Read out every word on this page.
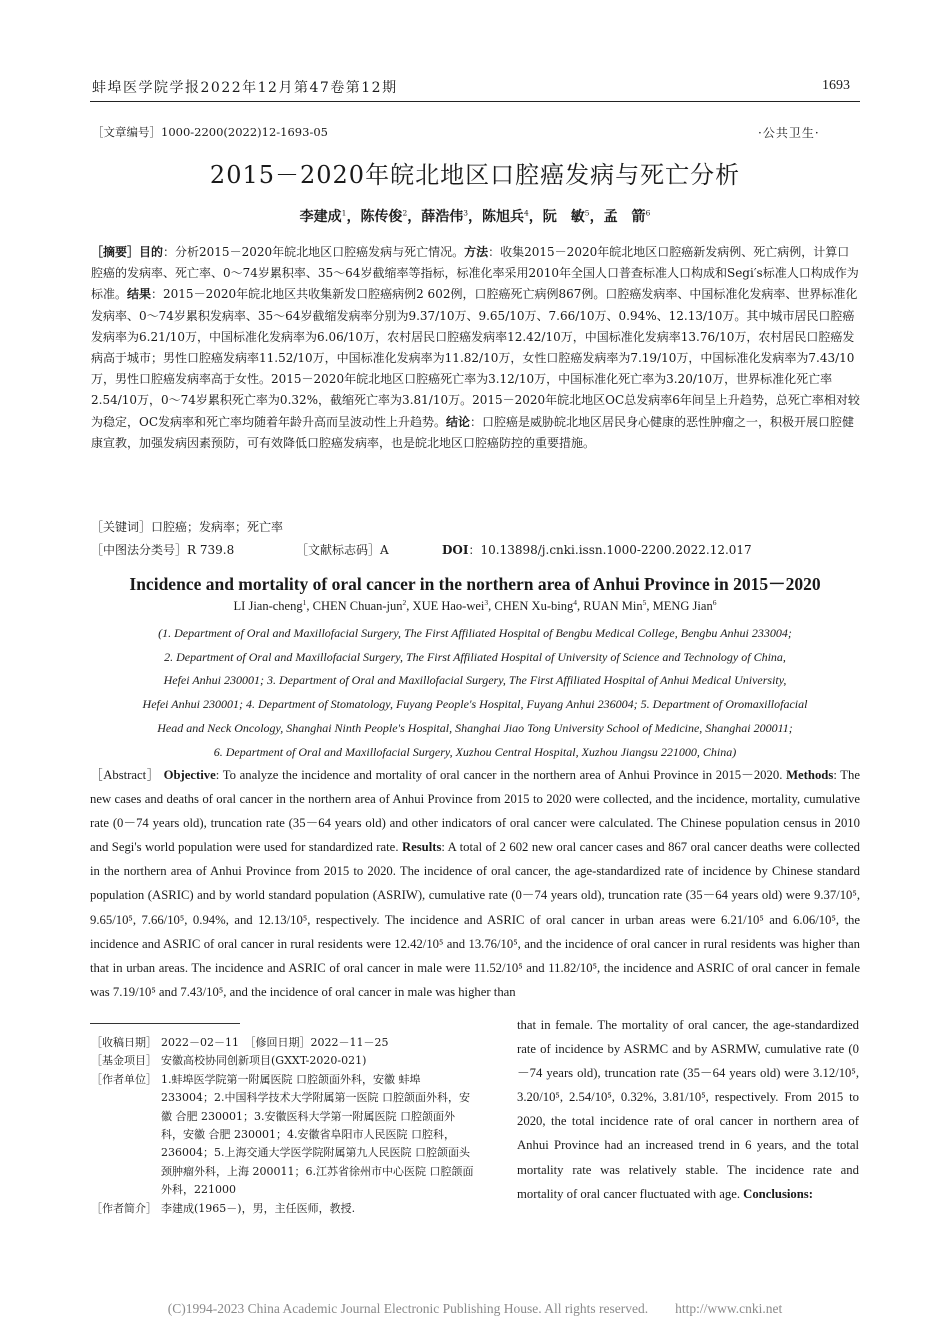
蚌埠医学院学报2022年12月第47卷第12期	1693
［文章编号］1000-2200(2022)12-1693-05	·公共卫生·
2015－2020年皖北地区口腔癌发病与死亡分析
李建成$^1$，陈传俊$^2$，薛浩伟$^3$，陈旭兵$^4$，阮　敏$^5$，孟　箭$^6$
［摘要］目的：分析2015－2020年皖北地区口腔癌发病与死亡情况。方法：收集2015－2020年皖北地区口腔癌新发病例、死亡病例，计算口腔癌的发病率、死亡率、0～74岁累积率、35～64岁截缩率等指标，标准化率采用2010年全国人口普查标准人口构成和Segi′s标准人口构成作为标准。结果：2015－2020年皖北地区共收集新发口腔癌病例2 602例，口腔癌死亡病例867例。口腔癌发病率、中国标准化发病率、世界标准化发病率、0～74岁累积发病率、35～64岁截缩发病率分别为9.37/10万、9.65/10万、7.66/10万、0.94%、12.13/10万。其中城市居民口腔癌发病率为6.21/10万，中国标准化发病率为6.06/10万，农村居民口腔癌发病率12.42/10万，中国标准化发病率13.76/10万，农村居民口腔癌发病高于城市；男性口腔癌发病率11.52/10万，中国标准化发病率为11.82/10万，女性口腔癌发病率为7.19/10万，中国标准化发病率为7.43/10万，男性口腔癌发病率高于女性。2015－2020年皖北地区口腔癌死亡率为3.12/10万，中国标准化死亡率为3.20/10万，世界标准化死亡率2.54/10万，0～74岁累积死亡率为0.32%，截缩死亡率为3.81/10万。2015－2020年皖北地区OC总发病率6年间呈上升趋势，总死亡率相对较为稳定，OC发病率和死亡率均随着年龄升高而呈波动性上升趋势。结论：口腔癌是威胁皖北地区居民身心健康的恶性肿瘤之一，积极开展口腔健康宣教，加强发病因素预防，可有效降低口腔癌发病率，也是皖北地区口腔癌防控的重要措施。
［关键词］口腔癌；发病率；死亡率
［中图法分类号］R 739.8	［文献标志码］A	DOI：10.13898/j.cnki.issn.1000-2200.2022.12.017
Incidence and mortality of oral cancer in the northern area of Anhui Province in 2015－2020
LI Jian-cheng$^1$, CHEN Chuan-jun$^2$, XUE Hao-wei$^3$, CHEN Xu-bing$^4$, RUAN Min$^5$, MENG Jian$^6$
(1. Department of Oral and Maxillofacial Surgery, The First Affiliated Hospital of Bengbu Medical College, Bengbu Anhui 233004;
2. Department of Oral and Maxillofacial Surgery, The First Affiliated Hospital of University of Science and Technology of China,
Hefei Anhui 230001; 3. Department of Oral and Maxillofacial Surgery, The First Affiliated Hospital of Anhui Medical University,
Hefei Anhui 230001; 4. Department of Stomatology, Fuyang People's Hospital, Fuyang Anhui 236004; 5. Department of Oromaxillofacial
Head and Neck Oncology, Shanghai Ninth People's Hospital, Shanghai Jiao Tong University School of Medicine, Shanghai 200011;
6. Department of Oral and Maxillofacial Surgery, Xuzhou Central Hospital, Xuzhou Jiangsu 221000, China)
［Abstract］ Objective: To analyze the incidence and mortality of oral cancer in the northern area of Anhui Province in 2015－2020. Methods: The new cases and deaths of oral cancer in the northern area of Anhui Province from 2015 to 2020 were collected, and the incidence, mortality, cumulative rate (0－74 years old), truncation rate (35－64 years old) and other indicators of oral cancer were calculated. The Chinese population census in 2010 and Segi's world population were used for standardized rate. Results: A total of 2 602 new oral cancer cases and 867 oral cancer deaths were collected in the northern area of Anhui Province from 2015 to 2020. The incidence of oral cancer, the age-standardized rate of incidence by Chinese standard population (ASRIC) and by world standard population (ASRIW), cumulative rate (0－74 years old), truncation rate (35－64 years old) were 9.37/10⁵, 9.65/10⁵, 7.66/10⁵, 0.94%, and 12.13/10⁵, respectively. The incidence and ASRIC of oral cancer in urban areas were 6.21/10⁵ and 6.06/10⁵, the incidence and ASRIC of oral cancer in rural residents were 12.42/10⁵ and 13.76/10⁵, and the incidence of oral cancer in rural residents was higher than that in urban areas. The incidence and ASRIC of oral cancer in male were 11.52/10⁵ and 11.82/10⁵, the incidence and ASRIC of oral cancer in female was 7.19/10⁵ and 7.43/10⁵, and the incidence of oral cancer in male was higher than
that in female. The mortality of oral cancer, the age-standardized rate of incidence by ASRMC and by ASRMW, cumulative rate (0－74 years old), truncation rate (35－64 years old) were 3.12/10⁵, 3.20/10⁵, 2.54/10⁵, 0.32%, 3.81/10⁵, respectively. From 2015 to 2020, the total incidence rate of oral cancer in northern area of Anhui Province had an increased trend in 6 years, and the total mortality rate was relatively stable. The incidence rate and mortality of oral cancer fluctuated with age. Conclusions:
［收稿日期］ 2022－02－11　［修回日期］2022－11－25
［基金项目］ 安徽高校协同创新项目(GXXT-2020-021)
［作者单位］ 1.蚌埠医学院第一附属医院 口腔颌面外科，安徽 蚌埠 233004；2.中国科学技术大学附属第一医院 口腔颌面外科，安徽 合肥 230001；3.安徽医科大学第一附属医院 口腔颌面外科，安徽 合肥 230001；4.安徽省阜阳市人民医院 口腔科，236004；5.上海交通大学医学院附属第九人民医院 口腔颌面头颈肿瘤外科，上海 200011；6.江苏省徐州市中心医院 口腔颌面外科，221000
［作者简介］ 李建成(1965－)，男，主任医师，教授.
(C)1994-2023 China Academic Journal Electronic Publishing House. All rights reserved.　　http://www.cnki.net
